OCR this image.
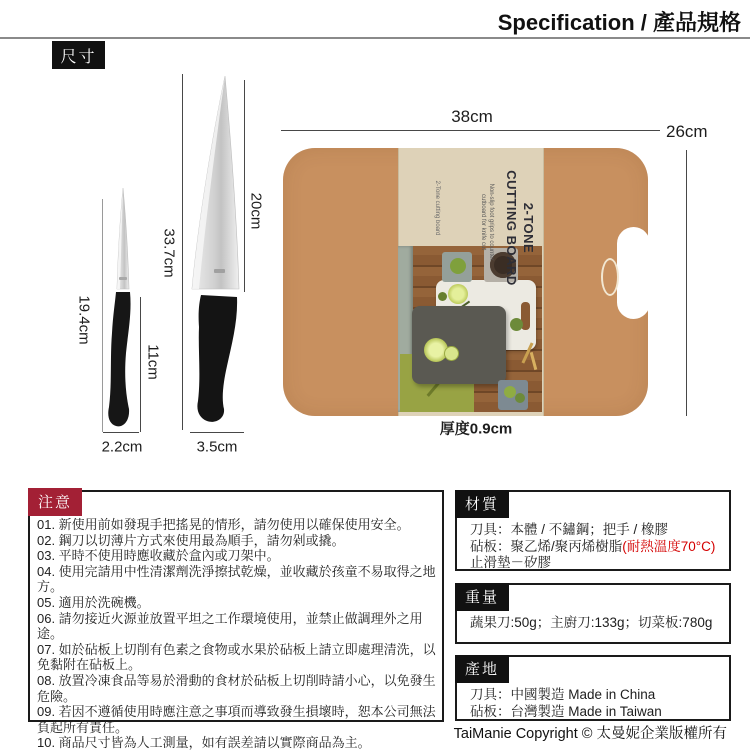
Specification / 產品規格
尺寸
19.4cm
11cm
2.2cm
33.7cm
20cm
3.5cm
2-TONE
CUTTING BOARD
Non-slip foot grips to counter
cutboard for knife cut
2-Tone cutting board
38cm
26cm
厚度0.9cm
注意
01. 新使用前如發現手把搖晃的情形，請勿使用以確保使用安全。
02. 鋼刀以切薄片方式來使用最為順手，請勿剁或撬。
03. 平時不使用時應收藏於盒內或刀架中。
04. 使用完請用中性清潔劑洗淨擦拭乾燥，並收藏於孩童不易取得之地方。
05. 適用於洗碗機。
06. 請勿接近火源並放置平坦之工作環境使用，並禁止做調理外之用途。
07. 如於砧板上切削有色素之食物或水果於砧板上請立即處理清洗，以免黏附在砧板上。
08. 放置冷凍食品等易於滑動的食材於砧板上切削時請小心，以免發生危險。
09. 若因不遵循使用時應注意之事項而導致發生損壞時，恕本公司無法負起所有責任。
10. 商品尺寸皆為人工測量，如有誤差請以實際商品為主。
材質
刀具：本體 / 不鏽鋼；把手 / 橡膠
砧板：聚乙烯/聚丙烯樹脂(耐熱溫度70°C)
止滑墊－矽膠
重量
蔬果刀:50g；主廚刀:133g；切菜板:780g
產地
刀具：中國製造 Made in China
砧板：台灣製造 Made in Taiwan
TaiManie Copyright © 太曼妮企業版權所有
